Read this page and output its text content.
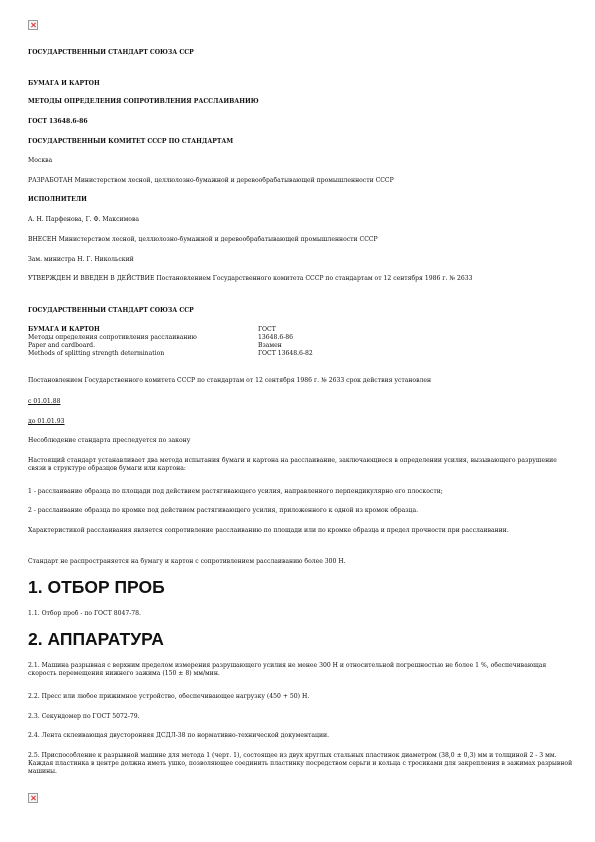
ГОСУДАРСТВЕННЫЙ СТАНДАРТ СОЮЗА ССР
БУМАГА И КАРТОН
МЕТОДЫ ОПРЕДЕЛЕНИЯ СОПРОТИВЛЕНИЯ РАССЛАИВАНИЮ
ГОСТ 13648.6-86
ГОСУДАРСТВЕННЫЙ КОМИТЕТ СССР ПО СТАНДАРТАМ
Москва
РАЗРАБОТАН Министерством лесной, целлюлозно-бумажной и деревообрабатывающей промышленности СССР
ИСПОЛНИТЕЛИ
А. Н. Парфенова, Г. Ф. Максимова
ВНЕСЕН Министерством лесной, целлюлозно-бумажной и деревообрабатывающей промышленности СССР
Зам. министра Н. Г. Никольский
УТВЕРЖДЕН И ВВЕДЕН В ДЕЙСТВИЕ Постановлением Государственного комитета СССР по стандартам от 12 сентября 1986 г. № 2633
ГОСУДАРСТВЕННЫЙ СТАНДАРТ СОЮЗА ССР
БУМАГА И КАРТОН	ГОСТ
Методы определения сопротивления расслаиванию	13648.6-86
Paper and cardboard.	Взамен
Methods of splitting strength determination	ГОСТ 13648.6-82
Постановлением Государственного комитета СССР по стандартам от 12 сентября 1986 г. № 2633 срок действия установлен
с 01.01.88
до 01.01.93
Несоблюдение стандарта преследуется по закону
Настоящий стандарт устанавливает два метода испытания бумаги и картона на расслаивание, заключающиеся в определении усилия, вызывающего разрушение связи в структуре образцов бумаги или картона:
1 - расслаивание образца по площади под действием растягивающего усилия, направленного перпендикулярно его плоскости;
2 - расслаивание образца по кромке под действием растягивающего усилия, приложенного к одной из кромок образца.
Характеристикой расслаивания является сопротивление расслаиванию по площади или по кромке образца и предел прочности при расслаивании.
Стандарт не распространяется на бумагу и картон с сопротивлением расслаиванию более 300 Н.
1. ОТБОР ПРОБ
1.1. Отбор проб - по ГОСТ 8047-78.
2. АППАРАТУРА
2.1. Машина разрывная с верхним пределом измерения разрушающего усилия не менее 300 Н и относительной погрешностью не более 1 %, обеспечивающая скорость перемещения нижнего зажима (150 ± 8) мм/мин.
2.2. Пресс или любое прижимное устройство, обеспечивающее нагрузку (450 + 50) Н.
2.3. Секундомер по ГОСТ 5072-79.
2.4. Лента склеивающая двусторонняя ДСДЛ-38 по нормативно-технической документации.
2.5. Приспособление к разрывной машине для метода 1 (черт. 1), состоящее из двух круглых стальных пластинок диаметром (38,0 ± 0,3) мм и толщиной 2 - 3 мм. Каждая пластинка в центре должна иметь ушко, позволяющее соединить пластинку посредством серьги и кольца с тросиками для закрепления в зажимах разрывной машины.
